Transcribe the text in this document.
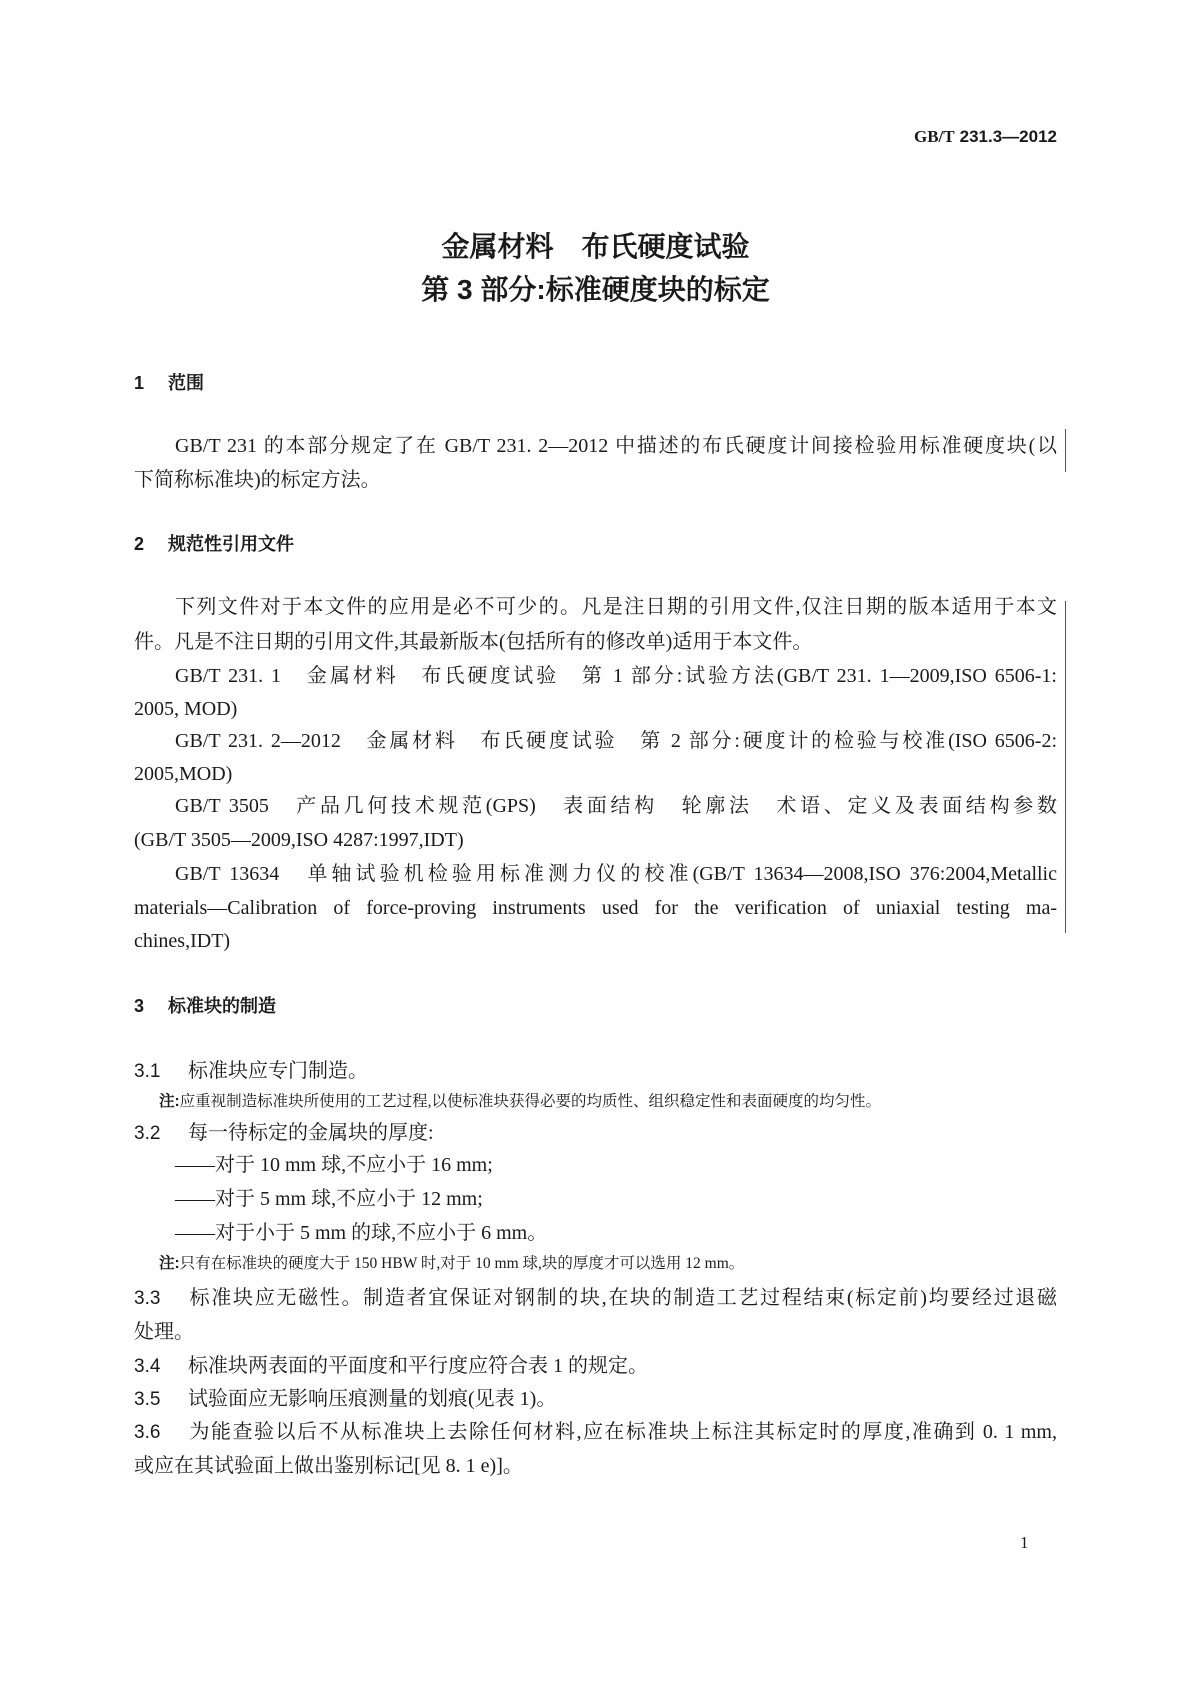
GB/T 231.3—2012
金属材料　布氏硬度试验
第 3 部分:标准硬度块的标定
1 范围
GB/T 231 的本部分规定了在 GB/T 231. 2—2012 中描述的布氏硬度计间接检验用标准硬度块(以
下简称标准块)的标定方法。
2 规范性引用文件
下列文件对于本文件的应用是必不可少的。凡是注日期的引用文件,仅注日期的版本适用于本文
件。凡是不注日期的引用文件,其最新版本(包括所有的修改单)适用于本文件。
GB/T 231. 1　金属材料　布氏硬度试验　第 1 部分:试验方法(GB/T 231. 1—2009,ISO 6506-1:
2005, MOD)
GB/T 231. 2—2012　金属材料　布氏硬度试验　第 2 部分:硬度计的检验与校准(ISO 6506-2:
2005,MOD)
GB/T 3505　产品几何技术规范(GPS)　表面结构　轮廓法　术语、定义及表面结构参数
(GB/T 3505—2009,ISO 4287:1997,IDT)
GB/T 13634　单轴试验机检验用标准测力仪的校准(GB/T 13634—2008,ISO 376:2004,Metallic
materials—Calibration of force-proving instruments used for the verification of uniaxial testing ma-
chines,IDT)
3 标准块的制造
3.1 标准块应专门制造。
注:应重视制造标准块所使用的工艺过程,以使标准块获得必要的均质性、组织稳定性和表面硬度的均匀性。
3.2 每一待标定的金属块的厚度:
——对于 10 mm 球,不应小于 16 mm;
——对于 5 mm 球,不应小于 12 mm;
——对于小于 5 mm 的球,不应小于 6 mm。
注:只有在标准块的硬度大于 150 HBW 时,对于 10 mm 球,块的厚度才可以选用 12 mm。
3.3 标准块应无磁性。制造者宜保证对钢制的块,在块的制造工艺过程结束(标定前)均要经过退磁
处理。
3.4 标准块两表面的平面度和平行度应符合表 1 的规定。
3.5 试验面应无影响压痕测量的划痕(见表 1)。
3.6 为能查验以后不从标准块上去除任何材料,应在标准块上标注其标定时的厚度,准确到 0. 1 mm,
或应在其试验面上做出鉴别标记[见 8. 1 e)]。
1
